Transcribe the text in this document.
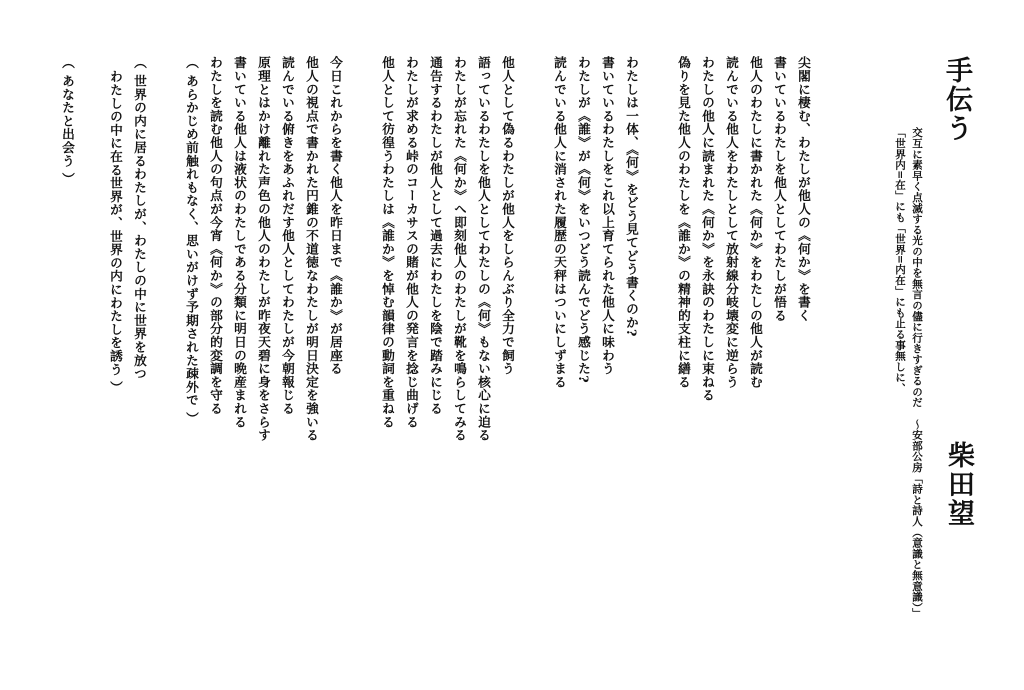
手伝う
柴田望
「世界内=在」にも「世界=内在」にも止る事無しに、 交互に素早く点滅する光の中を無言の儘に行きすぎるのだ　～安部公房「詩と詩人（意識と無意識）」
尖閣に棲む、わたしが他人の《何か》を書く
書いているわたしを他人としてわたしが悟る
他人のわたしに書かれた《何か》をわたしの他人が読む
読んでいる他人をわたしとして放射線分岐壊変に逆らう
わたしの他人に読まれた《何か》を永訣のわたしに束ねる
偽りを見た他人のわたしを《誰か》の精神的支柱に繕る
わたしは一体、《何》をどう見てどう書くのか?
書いているわたしをこれ以上育てられた他人に味わう
わたしが《誰》が《何》をいつどう読んでどう感じた?
読んでいる他人に消された履歴の天秤はついにしずまる
他人として偽るわたしが他人をしらんぶり全力で飼う
語っているわたしを他人としてわたしの《何》もない核心に迫る
わたしが忘れた《何か》へ即刻他人のわたしが靴を鳴らしてみる
通告するわたしが他人として過去にわたしを陰で踏みにじる
わたしが求める峠のコーカサスの賭が他人の発言を捻じ曲げる
他人として彷徨うわたしは《誰か》を悼む韻律の動詞を重ねる
今日これからを書く他人を昨日まで《誰か》が居座る
他人の視点で書かれた円錐の不道徳なわたしが明日決定を強いる
読んでいる俯きをあふれだす他人としてわたしが今朝報じる
原理とはかけ離れた声色の他人のわたしが昨夜天碧に身をさらす
書いている他人は液状のわたしである分類に明日の晩産まれる
わたしを読む他人の句点が今宵《何か》の部分的変調を守る
（ あらかじめ前触れもなく、思いがけず予期された疎外で ）
（ 世界の内に居るわたしが、わたしの中に世界を放つ
わたしの中に在る世界が、世界の内にわたしを誘う ）
（ あなたと出会う ）
